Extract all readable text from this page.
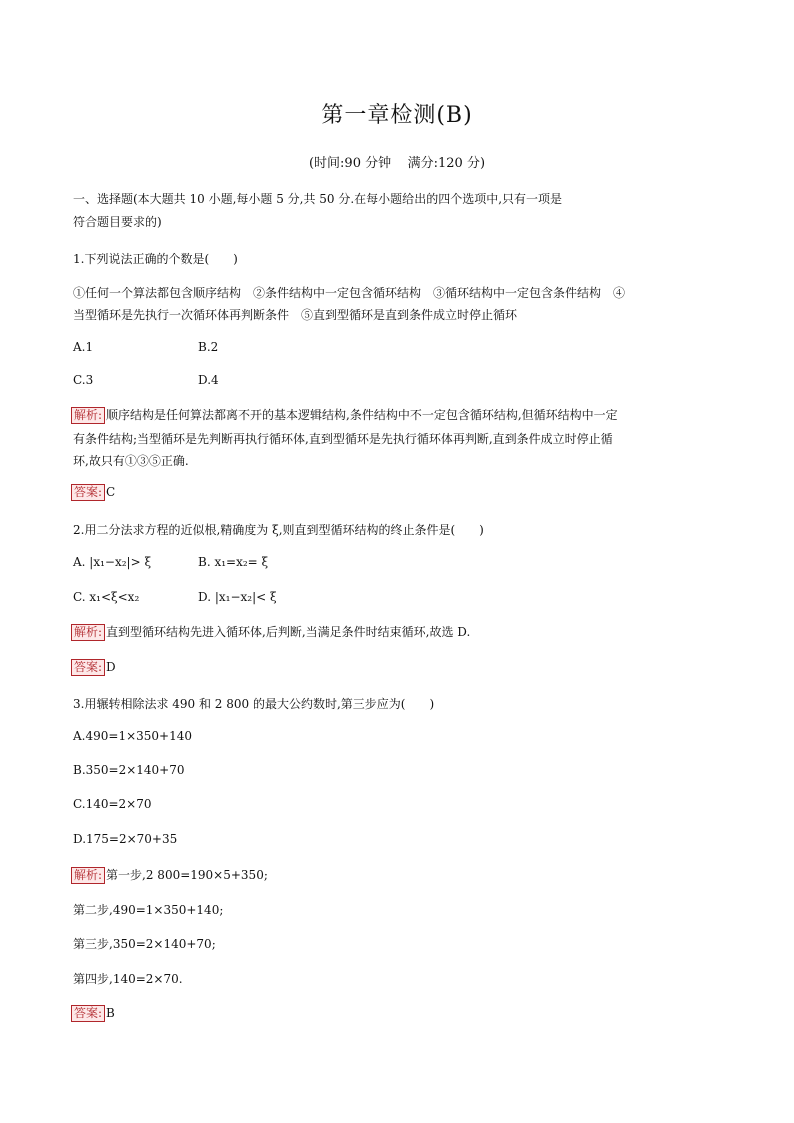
第一章检测(B)
(时间:90 分钟    满分:120 分)
一、选择题(本大题共 10 小题,每小题 5 分,共 50 分.在每小题给出的四个选项中,只有一项是
符合题目要求的)
1.下列说法正确的个数是(　　)
①任何一个算法都包含顺序结构　②条件结构中一定包含循环结构　③循环结构中一定包含条件结构　④
当型循环是先执行一次循环体再判断条件　⑤直到型循环是直到条件成立时停止循环
A.1	B.2
C.3	D.4
解析: 顺序结构是任何算法都离不开的基本逻辑结构,条件结构中不一定包含循环结构,但循环结构中一定
有条件结构;当型循环是先判断再执行循环体,直到型循环是先执行循环体再判断,直到条件成立时停止循
环,故只有①③⑤正确.
答案: C
2.用二分法求方程的近似根,精确度为 ξ,则直到型循环结构的终止条件是(　　)
A. |x₁−x₂|> ξ	B. x₁=x₂= ξ
C. x₁<ξ<x₂	D. |x₁−x₂|< ξ
解析: 直到型循环结构先进入循环体,后判断,当满足条件时结束循环,故选 D.
答案: D
3.用辗转相除法求 490 和 2 800 的最大公约数时,第三步应为(　　)
A.490=1×350+140
B.350=2×140+70
C.140=2×70
D.175=2×70+35
解析: 第一步,2 800=190×5+350;
第二步,490=1×350+140;
第三步,350=2×140+70;
第四步,140=2×70.
答案: B
